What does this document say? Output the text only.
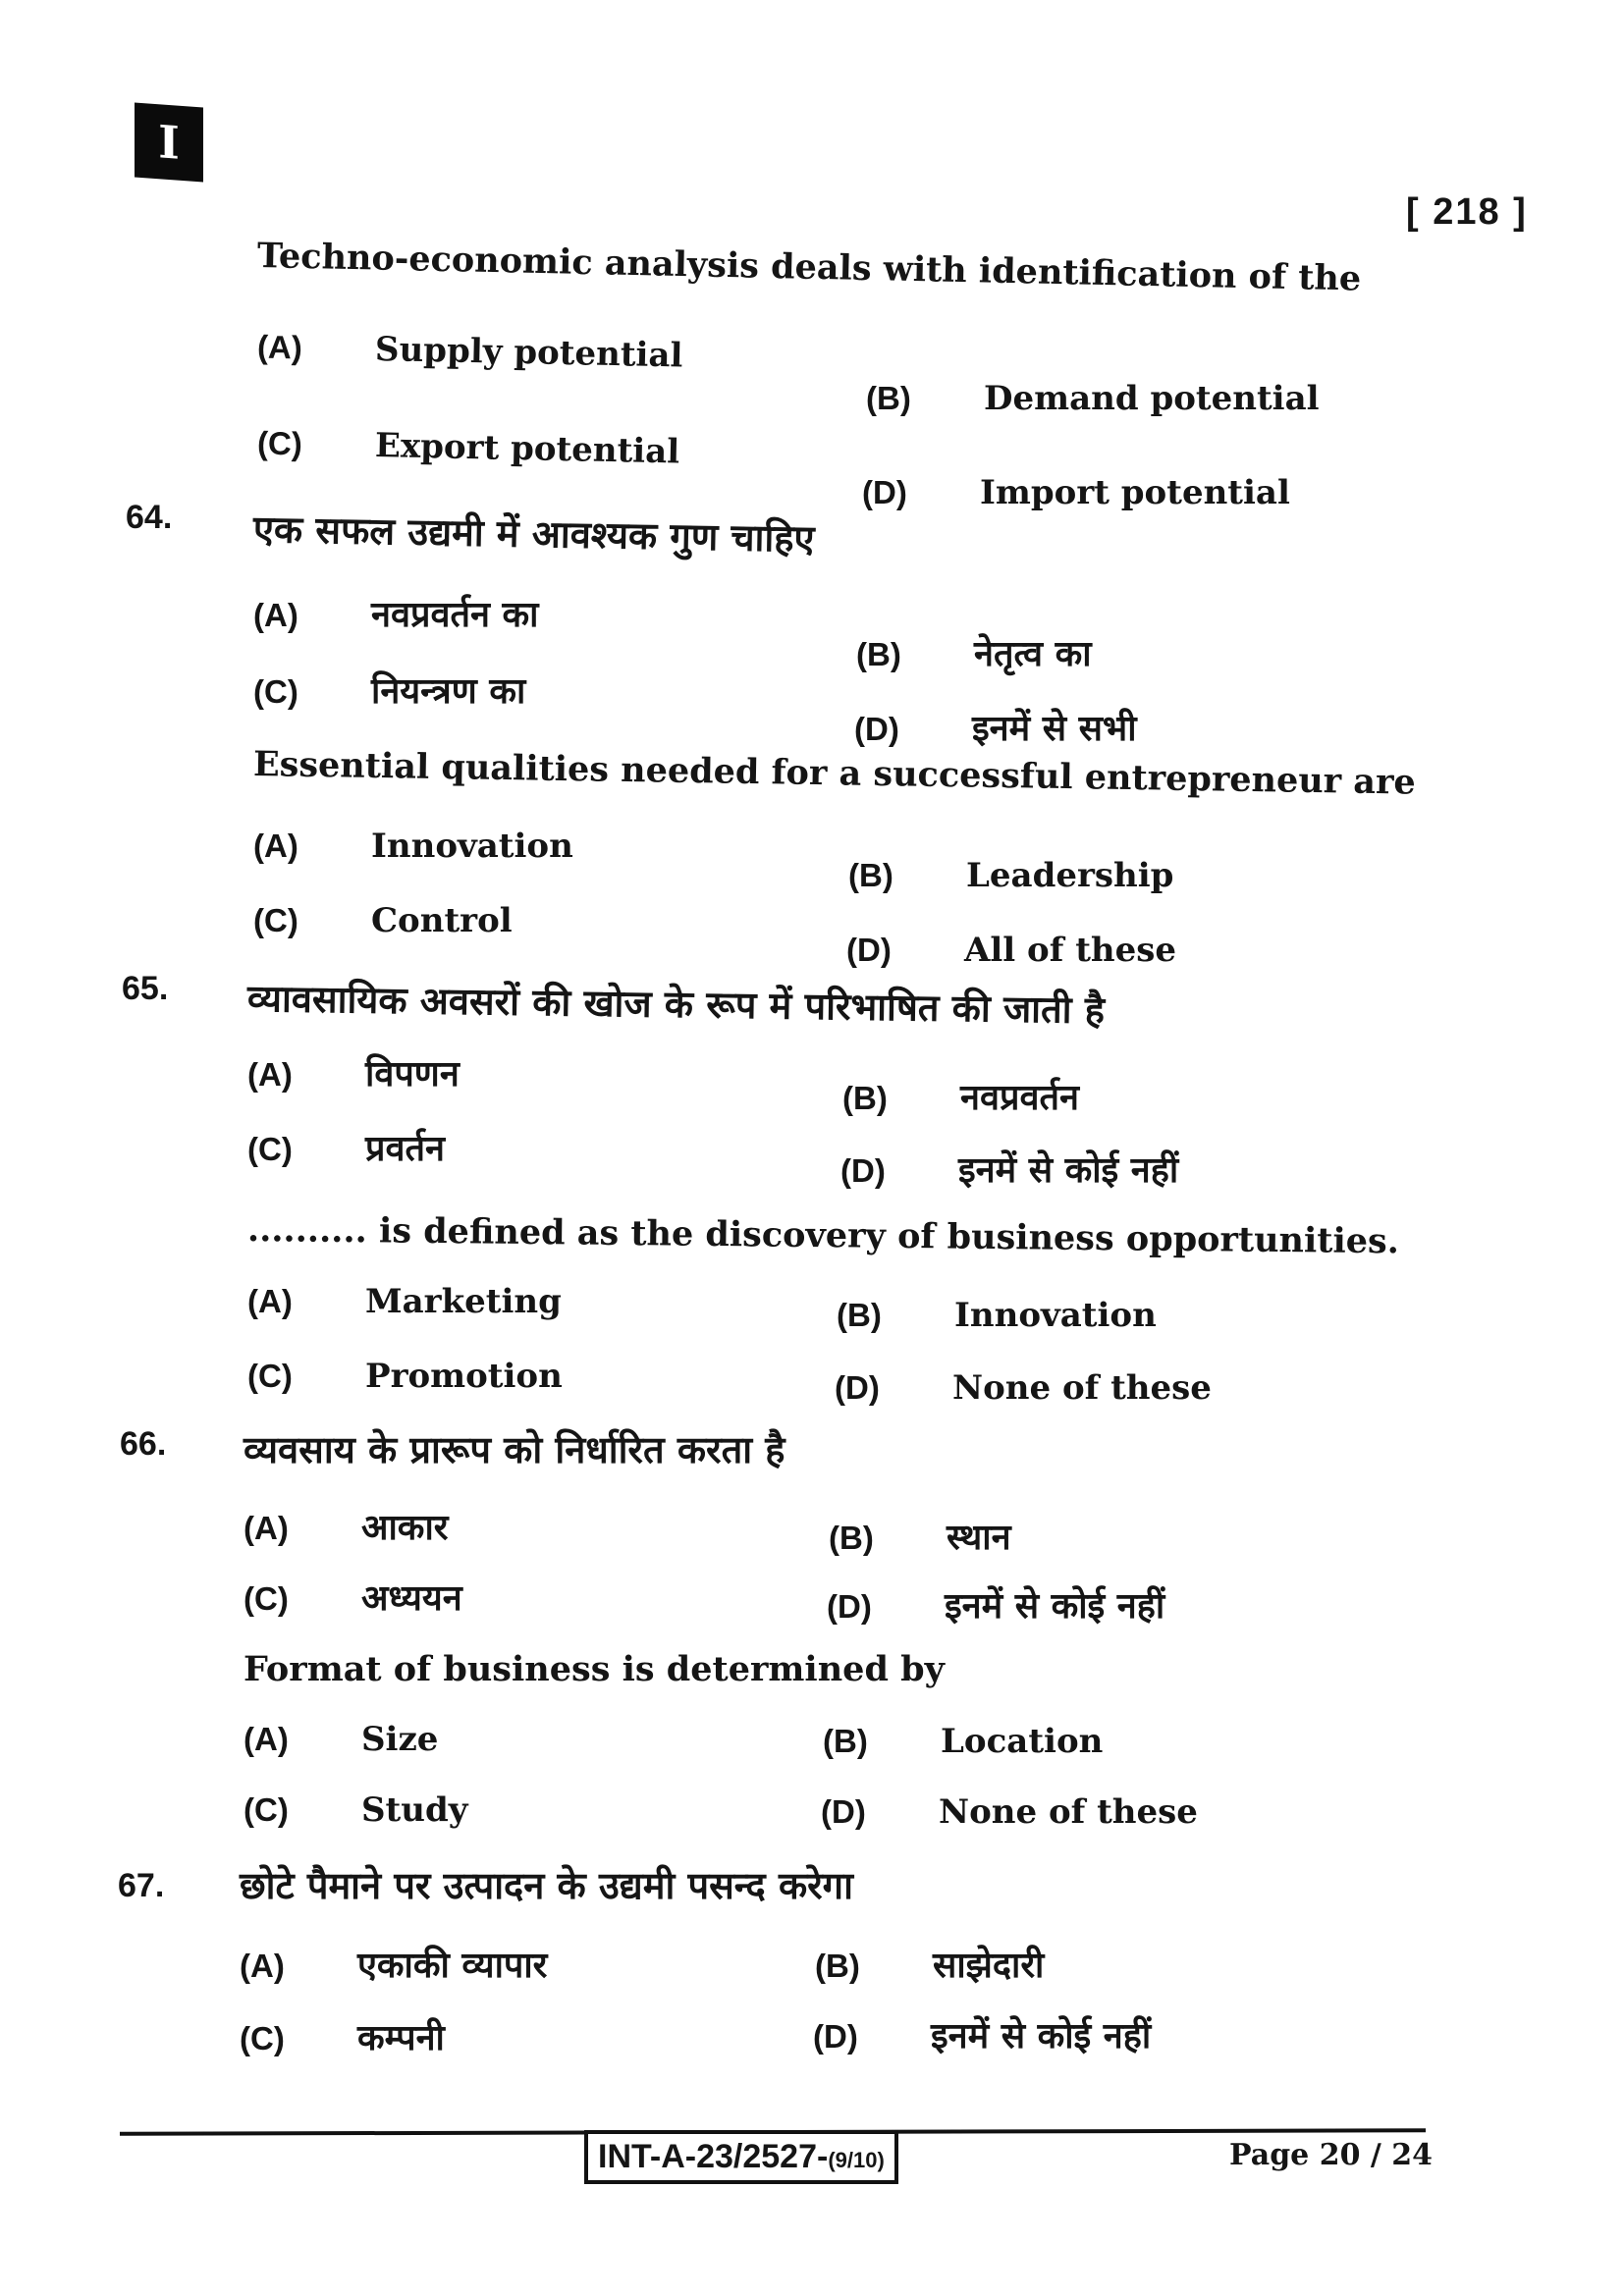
I
[ 218 ]
Techno-economic analysis deals with identification of the
(A) Supply potential
(B) Demand potential
(C) Export potential
(D) Import potential
64. एक सफल उद्यमी में आवश्यक गुण चाहिए
(A) नवप्रवर्तन का
(B) नेतृत्व का
(C) नियन्त्रण का
(D) इनमें से सभी
Essential qualities needed for a successful entrepreneur are
(A) Innovation
(B) Leadership
(C) Control
(D) All of these
65. व्यावसायिक अवसरों की खोज के रूप में परिभाषित की जाती है
(A) विपणन
(B) नवप्रवर्तन
(C) प्रवर्तन
(D) इनमें से कोई नहीं
.......... is defined as the discovery of business opportunities.
(A) Marketing	(B) Innovation
(C) Promotion	(D) None of these
66. व्यवसाय के प्रारूप को निर्धारित करता है
(A) आकार	(B) स्थान
(C) अध्ययन	(D) इनमें से कोई नहीं
Format of business is determined by
(A) Size	(B) Location
(C) Study	(D) None of these
67. छोटे पैमाने पर उत्पादन के उद्यमी पसन्द करेगा
(A) एकाकी व्यापार	(B) साझेदारी
(C) कम्पनी	(D) इनमें से कोई नहीं
INT-A-23/2527-(9/10)	Page 20 / 24
